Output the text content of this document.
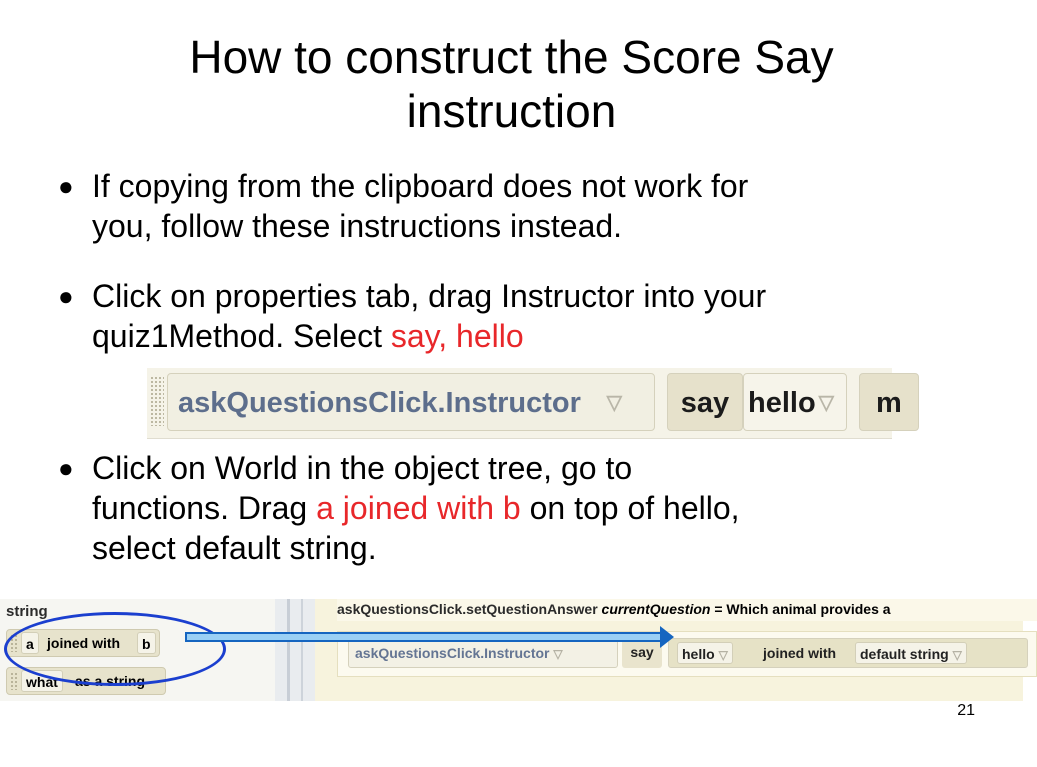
How to construct the Score Say
instruction
● If copying from the clipboard does not work for
you, follow these instructions instead.
● Click on properties tab, drag Instructor into your
quiz1Method. Select say, hello
askQuestionsClick.Instructor ▽	say hello ▽	m
● Click on World in the object tree, go to
functions. Drag a joined with b on top of hello,
select default string.
string
a joined with	b
what	as a string
askQuestionsClick.setQuestionAnswer currentQuestion = Which animal provides a
askQuestionsClick.Instructor ▽	say	hello ▽	joined with	default string ▽
21
